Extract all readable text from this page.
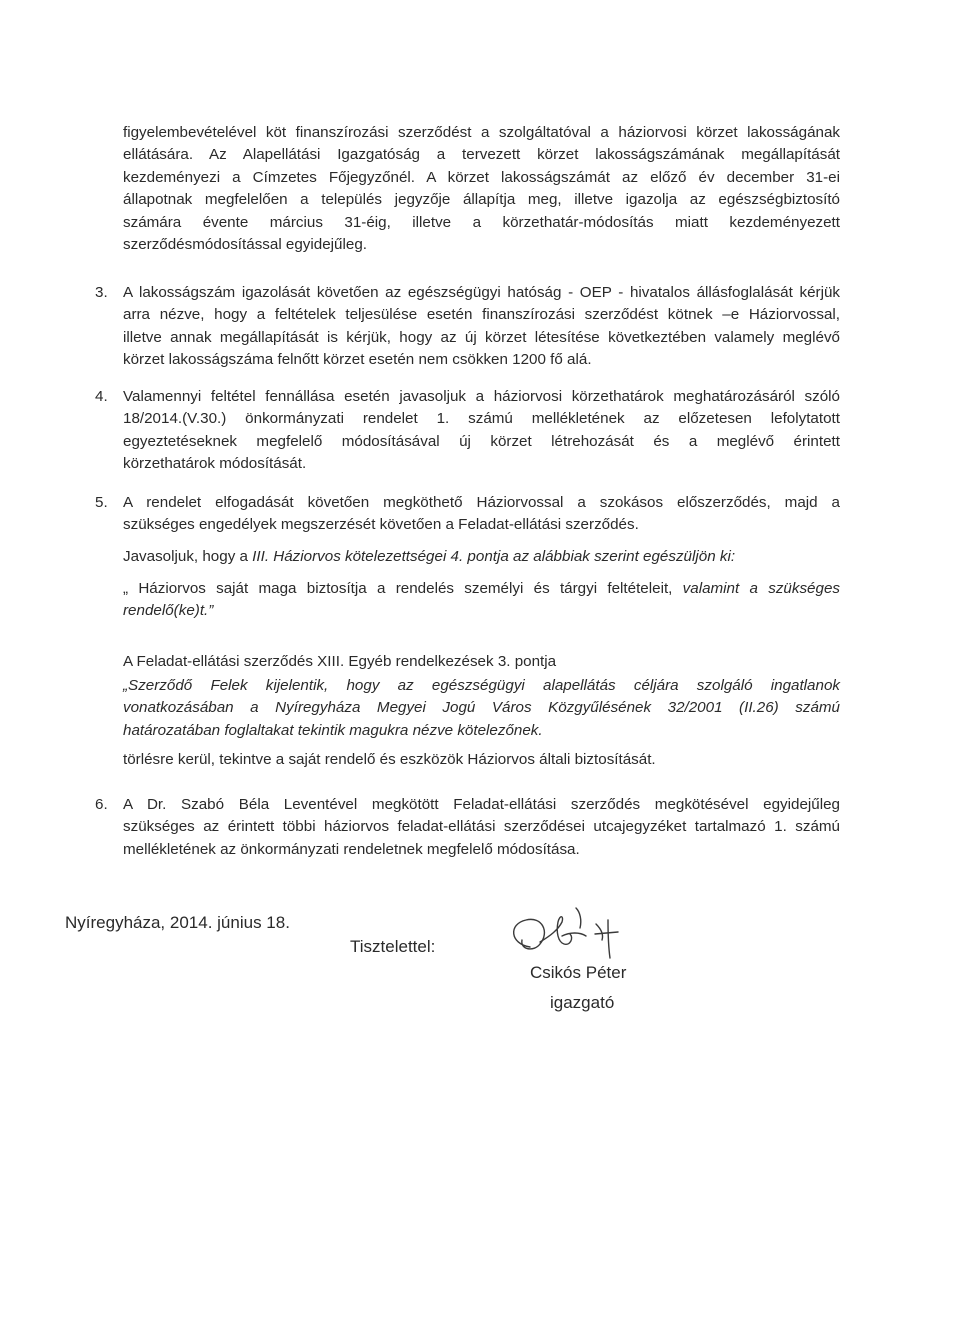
figyelembevételével köt finanszírozási szerződést a szolgáltatóval a háziorvosi körzet lakosságának
ellátására. Az Alapellátási Igazgatóság a tervezett körzet lakosságszámának megállapítását
kezdeményezi a Címzetes Főjegyzőnél. A körzet lakosságszámát az előző év december 31-ei
állapotnak megfelelően a település jegyzője állapítja meg, illetve igazolja az egészségbiztosító
számára évente március 31-éig, illetve a körzethatár-módosítás miatt kezdeményezett
szerződésmódosítással egyidejűleg.
3. A lakosságszám igazolását követően az egészségügyi hatóság - OEP - hivatalos állásfoglalását kérjük
arra nézve, hogy a feltételek teljesülése esetén finanszírozási szerződést kötnek –e Háziorvossal,
illetve annak megállapítását is kérjük, hogy az új körzet létesítése következtében valamely meglévő
körzet lakosságszáma felnőtt körzet esetén nem csökken 1200 fő alá.
4. Valamennyi feltétel fennállása esetén javasoljuk a háziorvosi körzethatárok meghatározásáról szóló
18/2014.(V.30.) önkormányzati rendelet 1. számú mellékletének az előzetesen lefolytatott
egyeztetéseknek megfelelő módosításával új körzet létrehozását és a meglévő érintett
körzethatárok módosítását.
5. A rendelet elfogadását követően megköthető Háziorvossal a szokásos előszerződés, majd a
szükséges engedélyek megszerzését követően a Feladat-ellátási szerződés.
Javasoljuk, hogy a III. Háziorvos kötelezettségei 4. pontja az alábbiak szerint egészüljön ki:
„ Háziorvos saját maga biztosítja a rendelés személyi és tárgyi feltételeit, valamint a szükséges
rendelő(ke)t.”
A Feladat-ellátási szerződés XIII. Egyéb rendelkezések 3. pontja
„Szerződő Felek kijelentik, hogy az egészségügyi alapellátás céljára szolgáló ingatlanok
vonatkozásában a Nyíregyháza Megyei Jogú Város Közgyűlésének 32/2001 (II.26) számú
határozatában foglaltakat tekintik magukra nézve kötelezőnek.
törlésre kerül, tekintve a saját rendelő és eszközök Háziorvos általi biztosítását.
6. A Dr. Szabó Béla Leventével megkötött Feladat-ellátási szerződés megkötésével egyidejűleg
szükséges az érintett többi háziorvos feladat-ellátási szerződései utcajegyzéket tartalmazó 1. számú
mellékletének az önkormányzati rendeletnek megfelelő módosítása.
Nyíregyháza, 2014. június 18.
Tisztelettel:
Csikós Péter
igazgató
